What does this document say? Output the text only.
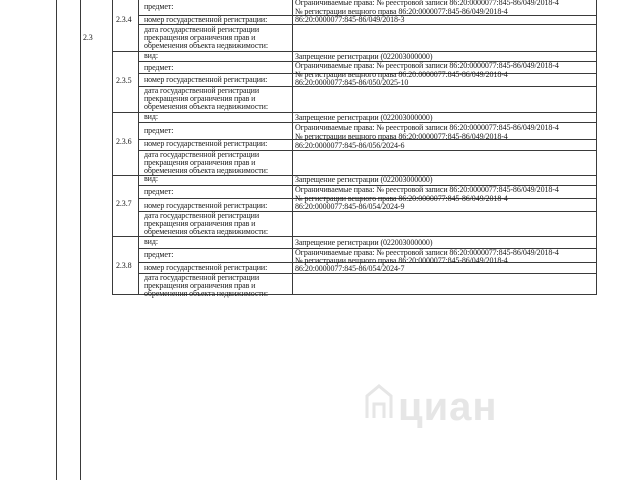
2.3
2.3.4
предмет:	Ограничиваемые права: № реестровой записи 86:20:0000077:845-86/049/2018-4
№ регистрации вещного права 86:20:0000077:845-86/049/2018-4
номер государственной регистрации:	86:20:0000077:845-86/049/2018-3
дата государственной регистрации
прекращения ограничения прав и
обременения объекта недвижимости:
2.3.5
вид:	Запрещение регистрации (022003000000)
предмет:	Ограничиваемые права: № реестровой записи 86:20:0000077:845-86/049/2018-4
№ регистрации вещного права 86:20:0000077:845-86/049/2018-4
номер государственной регистрации:	86:20:0000077:845-86/050/2025-10
дата государственной регистрации
прекращения ограничения прав и
обременения объекта недвижимости:
2.3.6
вид:	Запрещение регистрации (022003000000)
предмет:	Ограничиваемые права: № реестровой записи 86:20:0000077:845-86/049/2018-4
№ регистрации вещного права 86:20:0000077:845-86/049/2018-4
номер государственной регистрации:	86:20:0000077:845-86/056/2024-6
дата государственной регистрации
прекращения ограничения прав и
обременения объекта недвижимости:
2.3.7
вид:	Запрещение регистрации (022003000000)
предмет:	Ограничиваемые права: № реестровой записи 86:20:0000077:845-86/049/2018-4
№ регистрации вещного права 86:20:0000077:845-86/049/2018-4
номер государственной регистрации:	86:20:0000077:845-86/054/2024-9
дата государственной регистрации
прекращения ограничения прав и
обременения объекта недвижимости:
2.3.8
вид:	Запрещение регистрации (022003000000)
предмет:	Ограничиваемые права: № реестровой записи 86:20:0000077:845-86/049/2018-4
№ регистрации вещного права 86:20:0000077:845-86/049/2018-4
номер государственной регистрации:	86:20:0000077:845-86/054/2024-7
дата государственной регистрации
прекращения ограничения прав и
обременения объекта недвижимости:
циан
